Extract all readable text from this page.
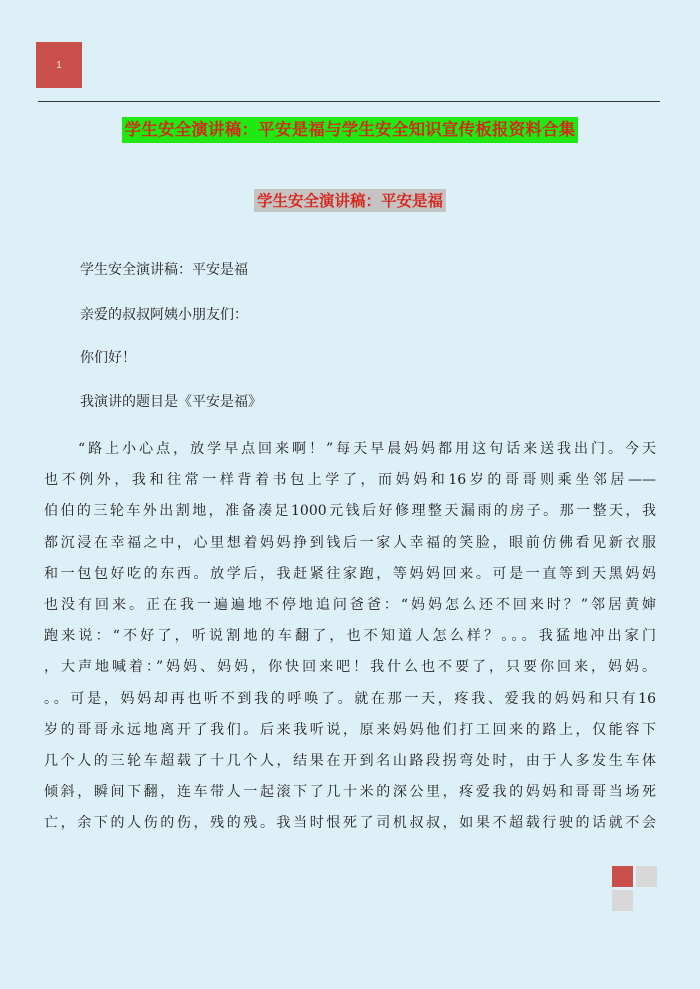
1
学生安全演讲稿：平安是福与学生安全知识宣传板报资料合集
学生安全演讲稿：平安是福
学生安全演讲稿：平安是福
亲爱的叔叔阿姨小朋友们：
你们好！
我演讲的题目是《平安是福》
“路上小心点，放学早点回来啊！”每天早晨妈妈都用这句话来送我出门。今天
也不例外，我和往常一样背着书包上学了，而妈妈和16岁的哥哥则乘坐邻居——
伯伯的三轮车外出割地，准备凑足1000元钱后好修理整天漏雨的房子。那一整天，我
都沉浸在幸福之中，心里想着妈妈挣到钱后一家人幸福的笑脸，眼前仿佛看见新衣服
和一包包好吃的东西。放学后，我赶紧往家跑，等妈妈回来。可是一直等到天黑妈妈
也没有回来。正在我一遍遍地不停地追问爸爸：“妈妈怎么还不回来时？”邻居黄婶
跑来说：“不好了，听说割地的车翻了，也不知道人怎么样？。。。我猛地冲出家门
，大声地喊着：”妈妈、妈妈，你快回来吧！我什么也不要了，只要你回来，妈妈。
。。可是，妈妈却再也听不到我的呼唤了。就在那一天，疼我、爱我的妈妈和只有16
岁的哥哥永远地离开了我们。后来我听说，原来妈妈他们打工回来的路上，仅能容下
几个人的三轮车超载了十几个人，结果在开到名山路段拐弯处时，由于人多发生车体
倾斜，瞬间下翻，连车带人一起滚下了几十米的深公里，疼爱我的妈妈和哥哥当场死
亡，余下的人伤的伤，残的残。我当时恨死了司机叔叔，如果不超载行驶的话就不会
